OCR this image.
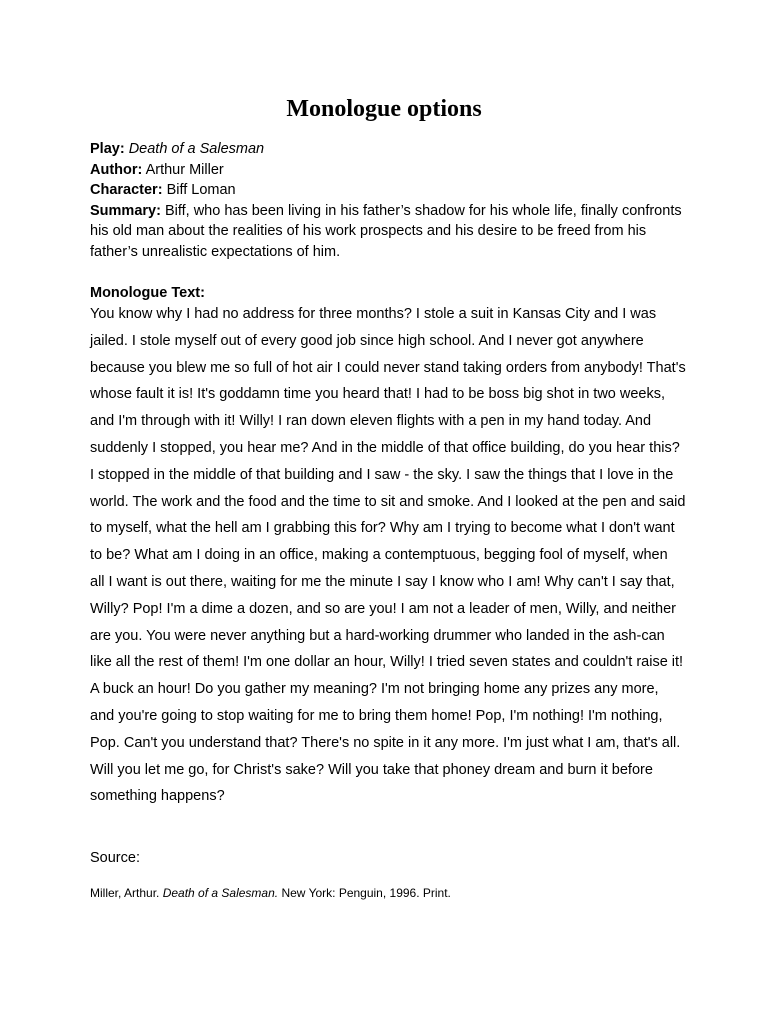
Monologue options
Play: Death of a Salesman
Author: Arthur Miller
Character: Biff Loman
Summary: Biff, who has been living in his father’s shadow for his whole life, finally confronts his old man about the realities of his work prospects and his desire to be freed from his father’s unrealistic expectations of him.
Monologue Text:

You know why I had no address for three months? I stole a suit in Kansas City and I was jailed. I stole myself out of every good job since high school. And I never got anywhere because you blew me so full of hot air I could never stand taking orders from anybody! That's whose fault it is! It's goddamn time you heard that! I had to be boss big shot in two weeks, and I'm through with it! Willy! I ran down eleven flights with a pen in my hand today. And suddenly I stopped, you hear me? And in the middle of that office building, do you hear this? I stopped in the middle of that building and I saw - the sky. I saw the things that I love in the world. The work and the food and the time to sit and smoke. And I looked at the pen and said to myself, what the hell am I grabbing this for? Why am I trying to become what I don't want to be? What am I doing in an office, making a contemptuous, begging fool of myself, when all I want is out there, waiting for me the minute I say I know who I am! Why can't I say that, Willy? Pop! I'm a dime a dozen, and so are you! I am not a leader of men, Willy, and neither are you. You were never anything but a hard-working drummer who landed in the ash-can like all the rest of them! I'm one dollar an hour, Willy! I tried seven states and couldn't raise it! A buck an hour! Do you gather my meaning? I'm not bringing home any prizes any more, and you're going to stop waiting for me to bring them home! Pop, I'm nothing! I'm nothing, Pop. Can't you understand that? There's no spite in it any more. I'm just what I am, that's all. Will you let me go, for Christ's sake? Will you take that phoney dream and burn it before something happens?

Source:
Miller, Arthur. Death of a Salesman. New York: Penguin, 1996. Print.
